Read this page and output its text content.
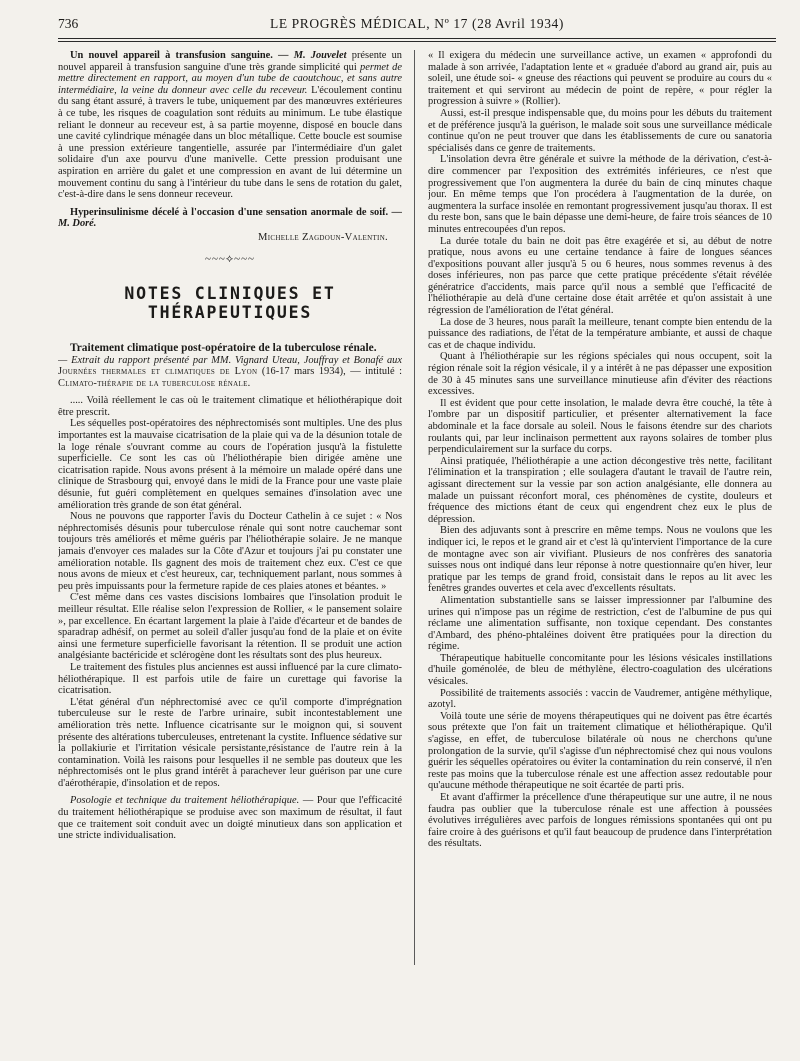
736	LE PROGRÈS MÉDICAL, Nº 17 (28 Avril 1934)

Un nouvel appareil à transfusion sanguine. — M. Jouvelet présente un nouvel appareil à transfusion sanguine d'une très grande simplicité qui permet de mettre directement en rapport, au moyen d'un tube de caoutchouc, et sans autre intermédiaire, la veine du donneur avec celle du receveur. L'écoulement continu du sang étant assuré, à travers le tube, uniquement par des manœuvres extérieures à ce tube, les risques de coagulation sont réduits au minimum. Le tube élastique reliant le donneur au receveur est, à sa partie moyenne, disposé en boucle dans une cavité cylindrique ménagée dans un bloc métallique. Cette boucle est soumise à une pression extérieure tangentielle, assurée par l'intermédiaire d'un galet solidaire d'un axe pourvu d'une manivelle. Cette pression produisant une aspiration en arrière du galet et une compression en avant de lui détermine un mouvement continu du sang à l'intérieur du tube dans le sens de rotation du galet, c'est-à-dire dans le sens donneur receveur.

Hyperinsulinisme décelé à l'occasion d'une sensation anormale de soif. — M. Doré.

Michelle Zagdoun-Valentin.
~~~⟡~~~
NOTES CLINIQUES ET THÉRAPEUTIQUES

Traitement climatique post-opératoire de la tuberculose rénale.

— Extrait du rapport présenté par MM. Vignard Uteau, Jouffray et Bonafé aux Journées thermales et climatiques de Lyon (16-17 mars 1934), — intitulé : Climato-thérapie de la tuberculose rénale.

..... Voilà réellement le cas où le traitement climatique et héliothérapique doit être prescrit.

Les séquelles post-opératoires des néphrectomisés sont multiples. Une des plus importantes est la mauvaise cicatrisation de la plaie qui va de la désunion totale de la loge rénale s'ouvrant comme au cours de l'opération jusqu'à la fistulette superficielle. Ce sont les cas où l'héliothérapie bien dirigée amène une cicatrisation rapide. Nous avons présent à la mémoire un malade opéré dans une clinique de Strasbourg qui, envoyé dans le midi de la France pour une vaste plaie désunie, fut guéri complètement en quelques semaines d'insolation avec une amélioration très grande de son état général.

Nous ne pouvons que rapporter l'avis du Docteur Cathelin à ce sujet : « Nos néphrectomisés désunis pour tuberculose rénale qui sont notre cauchemar sont toujours très améliorés et même guéris par l'héliothérapie solaire. Je ne manque jamais d'envoyer ces malades sur la Côte d'Azur et toujours j'ai pu constater une amélioration notable. Ils gagnent des mois de traitement chez eux. C'est ce que nous avons de mieux et c'est heureux, car, techniquement parlant, nous sommes à peu près impuissants pour la fermeture rapide de ces plaies atones et béantes. »

C'est même dans ces vastes discisions lombaires que l'insolation produit le meilleur résultat. Elle réalise selon l'expression de Rollier, « le pansement solaire », par excellence. En écartant largement la plaie à l'aide d'écarteur et de bandes de sparadrap adhésif, on permet au soleil d'aller jusqu'au fond de la plaie et on évite ainsi une fermeture superficielle favorisant la rétention. Il se produit une action analgésiante bactéricide et sclérogène dont les résultats sont des plus heureux.

Le traitement des fistules plus anciennes est aussi influencé par la cure climato-héliothérapique. Il est parfois utile de faire un curettage qui favorise la cicatrisation.

L'état général d'un néphrectomisé avec ce qu'il comporte d'imprégnation tuberculeuse sur le reste de l'arbre urinaire, subit incontestablement une amélioration très nette. Influence cicatrisante sur le moignon qui, si souvent présente des altérations tuberculeuses, entretenant la cystite. Influence sédative sur la pollakiurie et l'irritation vésicale persistante,résistance de l'autre rein à la contamination. Voilà les raisons pour lesquelles il ne semble pas douteux que les néphrectomisés ont le plus grand intérêt à parachever leur guérison par une cure d'aérothérapie, d'insolation et de repos.

Posologie et technique du traitement héliothérapique. — Pour que l'efficacité du traitement héliothérapique se produise avec son maximum de résultat, il faut que ce traitement soit conduit avec un doigté minutieux dans son application et une stricte individualisation.

« Il exigera du médecin une surveillance active, un examen « approfondi du malade à son arrivée, l'adaptation lente et « graduée d'abord au grand air, puis au soleil, une étude soi- « gneuse des réactions qui peuvent se produire au cours du « traitement et qui serviront au médecin de point de repère, « pour régler la progression à suivre » (Rollier).

Aussi, est-il presque indispensable que, du moins pour les débuts du traitement et de préférence jusqu'à la guérison, le malade soit sous une surveillance médicale continue qu'on ne peut trouver que dans les établissements de cure ou sanatoria spécialisés dans ce genre de traitements.

L'insolation devra être générale et suivre la méthode de la dérivation, c'est-à-dire commencer par l'exposition des extrémités inférieures, ce n'est que progressivement que l'on augmentera la durée du bain de cinq minutes chaque jour. En même temps que l'on procédera à l'augmentation de la durée, on augmentera la surface insolée en remontant progressivement jusqu'au thorax. Il est du reste bon, sans que le bain dépasse une demi-heure, de faire trois séances de 10 minutes entrecoupées d'un repos.

La durée totale du bain ne doit pas être exagérée et si, au début de notre pratique, nous avons eu une certaine tendance à faire de longues séances d'expositions pouvant aller jusqu'à 5 ou 6 heures, nous sommes revenus à des doses inférieures, non pas parce que cette pratique précédente s'était révélée génératrice d'accidents, mais parce qu'il nous a semblé que l'efficacité de l'héliothérapie au delà d'une certaine dose était arrêtée et qu'on assistait à une régression de l'amélioration de l'état général.

La dose de 3 heures, nous paraît la meilleure, tenant compte bien entendu de la puissance des radiations, de l'état de la température ambiante, et aussi de chaque cas et de chaque individu.

Quant à l'héliothérapie sur les régions spéciales qui nous occupent, soit la région rénale soit la région vésicale, il y a intérêt à ne pas dépasser une exposition de 30 à 45 minutes sans une surveillance minutieuse afin d'éviter des réactions excessives.

Il est évident que pour cette insolation, le malade devra être couché, la tête à l'ombre par un dispositif particulier, et présenter alternativement la face abdominale et la face dorsale au soleil. Nous le faisons étendre sur des chariots roulants qui, par leur inclinaison permettent aux rayons solaires de tomber plus perpendiculairement sur la surface du corps.

Ainsi pratiquée, l'héliothérapie a une action décongestive très nette, facilitant l'élimination et la transpiration ; elle soulagera d'autant le travail de l'autre rein, agissant directement sur la vessie par son action analgésiante, elle donnera au malade un puissant réconfort moral, ces phénomènes de cystite, douleurs et fréquence des mictions étant de ceux qui engendrent chez eux le plus de dépression.

Bien des adjuvants sont à prescrire en même temps. Nous ne voulons que les indiquer ici, le repos et le grand air et c'est là qu'intervient l'importance de la cure de montagne avec son air vivifiant. Plusieurs de nos confrères des sanatoria suisses nous ont indiqué dans leur réponse à notre questionnaire qu'en hiver, leur pratique par les temps de grand froid, consistait dans le repos au lit avec les fenêtres grandes ouvertes et cela avec d'excellents résultats.

Alimentation substantielle sans se laisser impressionner par l'albumine des urines qui n'impose pas un régime de restriction, c'est de l'albumine de pus qui réclame une alimentation suffisante, non toxique cependant. Des constantes d'Ambard, des phéno-phtaléines doivent être pratiquées pour la direction du régime.

Thérapeutique habituelle concomitante pour les lésions vésicales instillations d'huile goménolée, de bleu de méthylène, électro-coagulation des ulcérations vésicales.

Possibilité de traitements associés : vaccin de Vaudremer, antigène méthylique, azotyl.

Voilà toute une série de moyens thérapeutiques qui ne doivent pas être écartés sous prétexte que l'on fait un traitement climatique et héliothérapique. Qu'il s'agisse, en effet, de tuberculose bilatérale où nous ne cherchons qu'une prolongation de la survie, qu'il s'agisse d'un néphrectomisé chez qui nous voulons guérir les séquelles opératoires ou éviter la contamination du rein conservé, il n'en reste pas moins que la tuberculose rénale est une affection assez redoutable pour qu'aucune méthode thérapeutique ne soit écartée de parti pris.

Et avant d'affirmer la précellence d'une thérapeutique sur une autre, il ne nous faudra pas oublier que la tuberculose rénale est une affection à poussées évolutives irrégulières avec parfois de longues rémissions spontanées qui ont pu faire croire à des guérisons et qu'il faut beaucoup de prudence dans l'interprétation des résultats.
